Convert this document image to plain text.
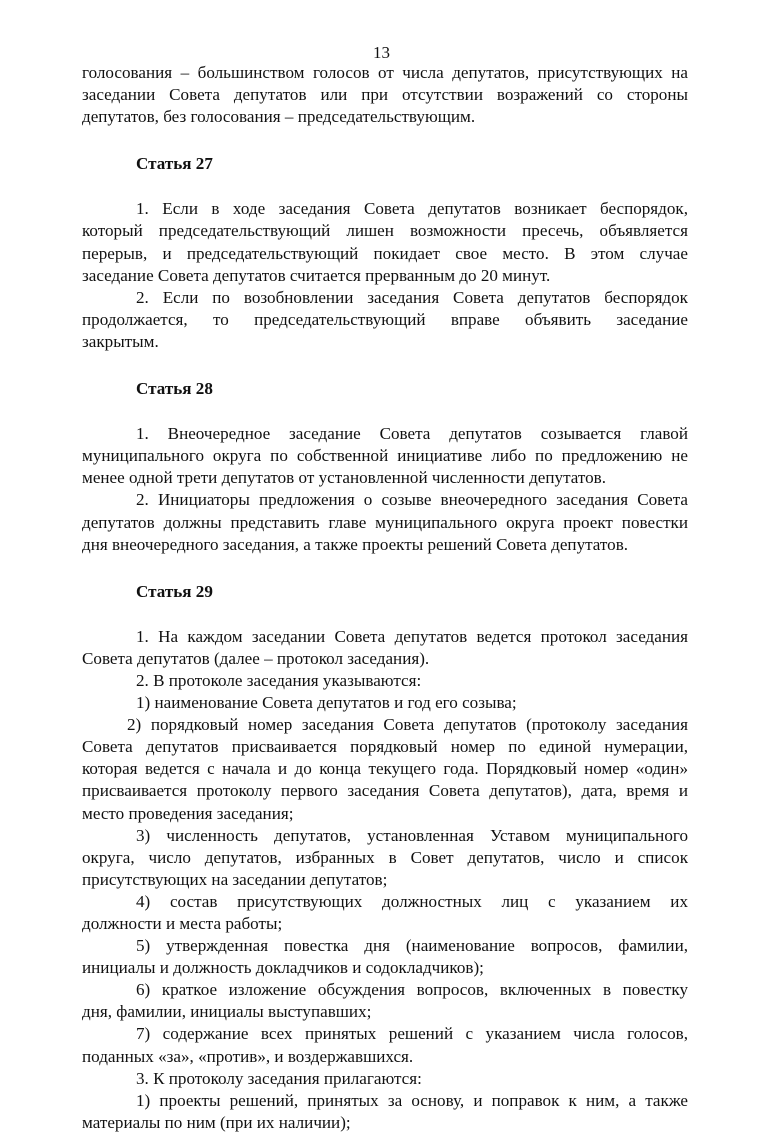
13

голосования – большинством голосов от числа депутатов, присутствующих на

заседании Совета депутатов или при отсутствии возражений со стороны

депутатов, без голосования – председательствующим.

Статья 27

1. Если в ходе заседания Совета депутатов возникает беспорядок,

который председательствующий лишен возможности пресечь, объявляется

перерыв, и председательствующий покидает свое место. В этом случае

заседание Совета депутатов считается прерванным до 20 минут.

2. Если по возобновлении заседания Совета депутатов беспорядок

продолжается, то председательствующий вправе объявить заседание

закрытым.

Статья 28

1. Внеочередное заседание Совета депутатов созывается главой

муниципального округа по собственной инициативе либо по предложению не

менее одной трети депутатов от установленной численности депутатов.

2. Инициаторы предложения о созыве внеочередного заседания Совета

депутатов должны представить главе муниципального округа проект повестки

дня внеочередного заседания, а также проекты решений Совета депутатов.

Статья 29

1. На каждом заседании Совета депутатов ведется протокол заседания

Совета депутатов (далее – протокол заседания).

2. В протоколе заседания указываются:

1) наименование Совета депутатов и год его созыва;

2) порядковый номер заседания Совета депутатов (протоколу заседания

Совета депутатов присваивается порядковый номер по единой нумерации,

которая ведется с начала и до конца текущего года. Порядковый номер «один»

присваивается протоколу первого заседания Совета депутатов), дата, время и

место проведения заседания;

3) численность депутатов, установленная Уставом муниципального

округа, число депутатов, избранных в Совет депутатов, число и список

присутствующих на заседании депутатов;

4) состав присутствующих должностных лиц с указанием их

должности и места работы;

5) утвержденная повестка дня (наименование вопросов, фамилии,

инициалы и должность докладчиков и содокладчиков);

6) краткое изложение обсуждения вопросов, включенных в повестку

дня, фамилии, инициалы выступавших;

7) содержание всех принятых решений с указанием числа голосов,

поданных «за», «против», и воздержавшихся.

3. К протоколу заседания прилагаются:

1) проекты решений, принятых за основу, и поправок к ним, а также

материалы по ним (при их наличии);
